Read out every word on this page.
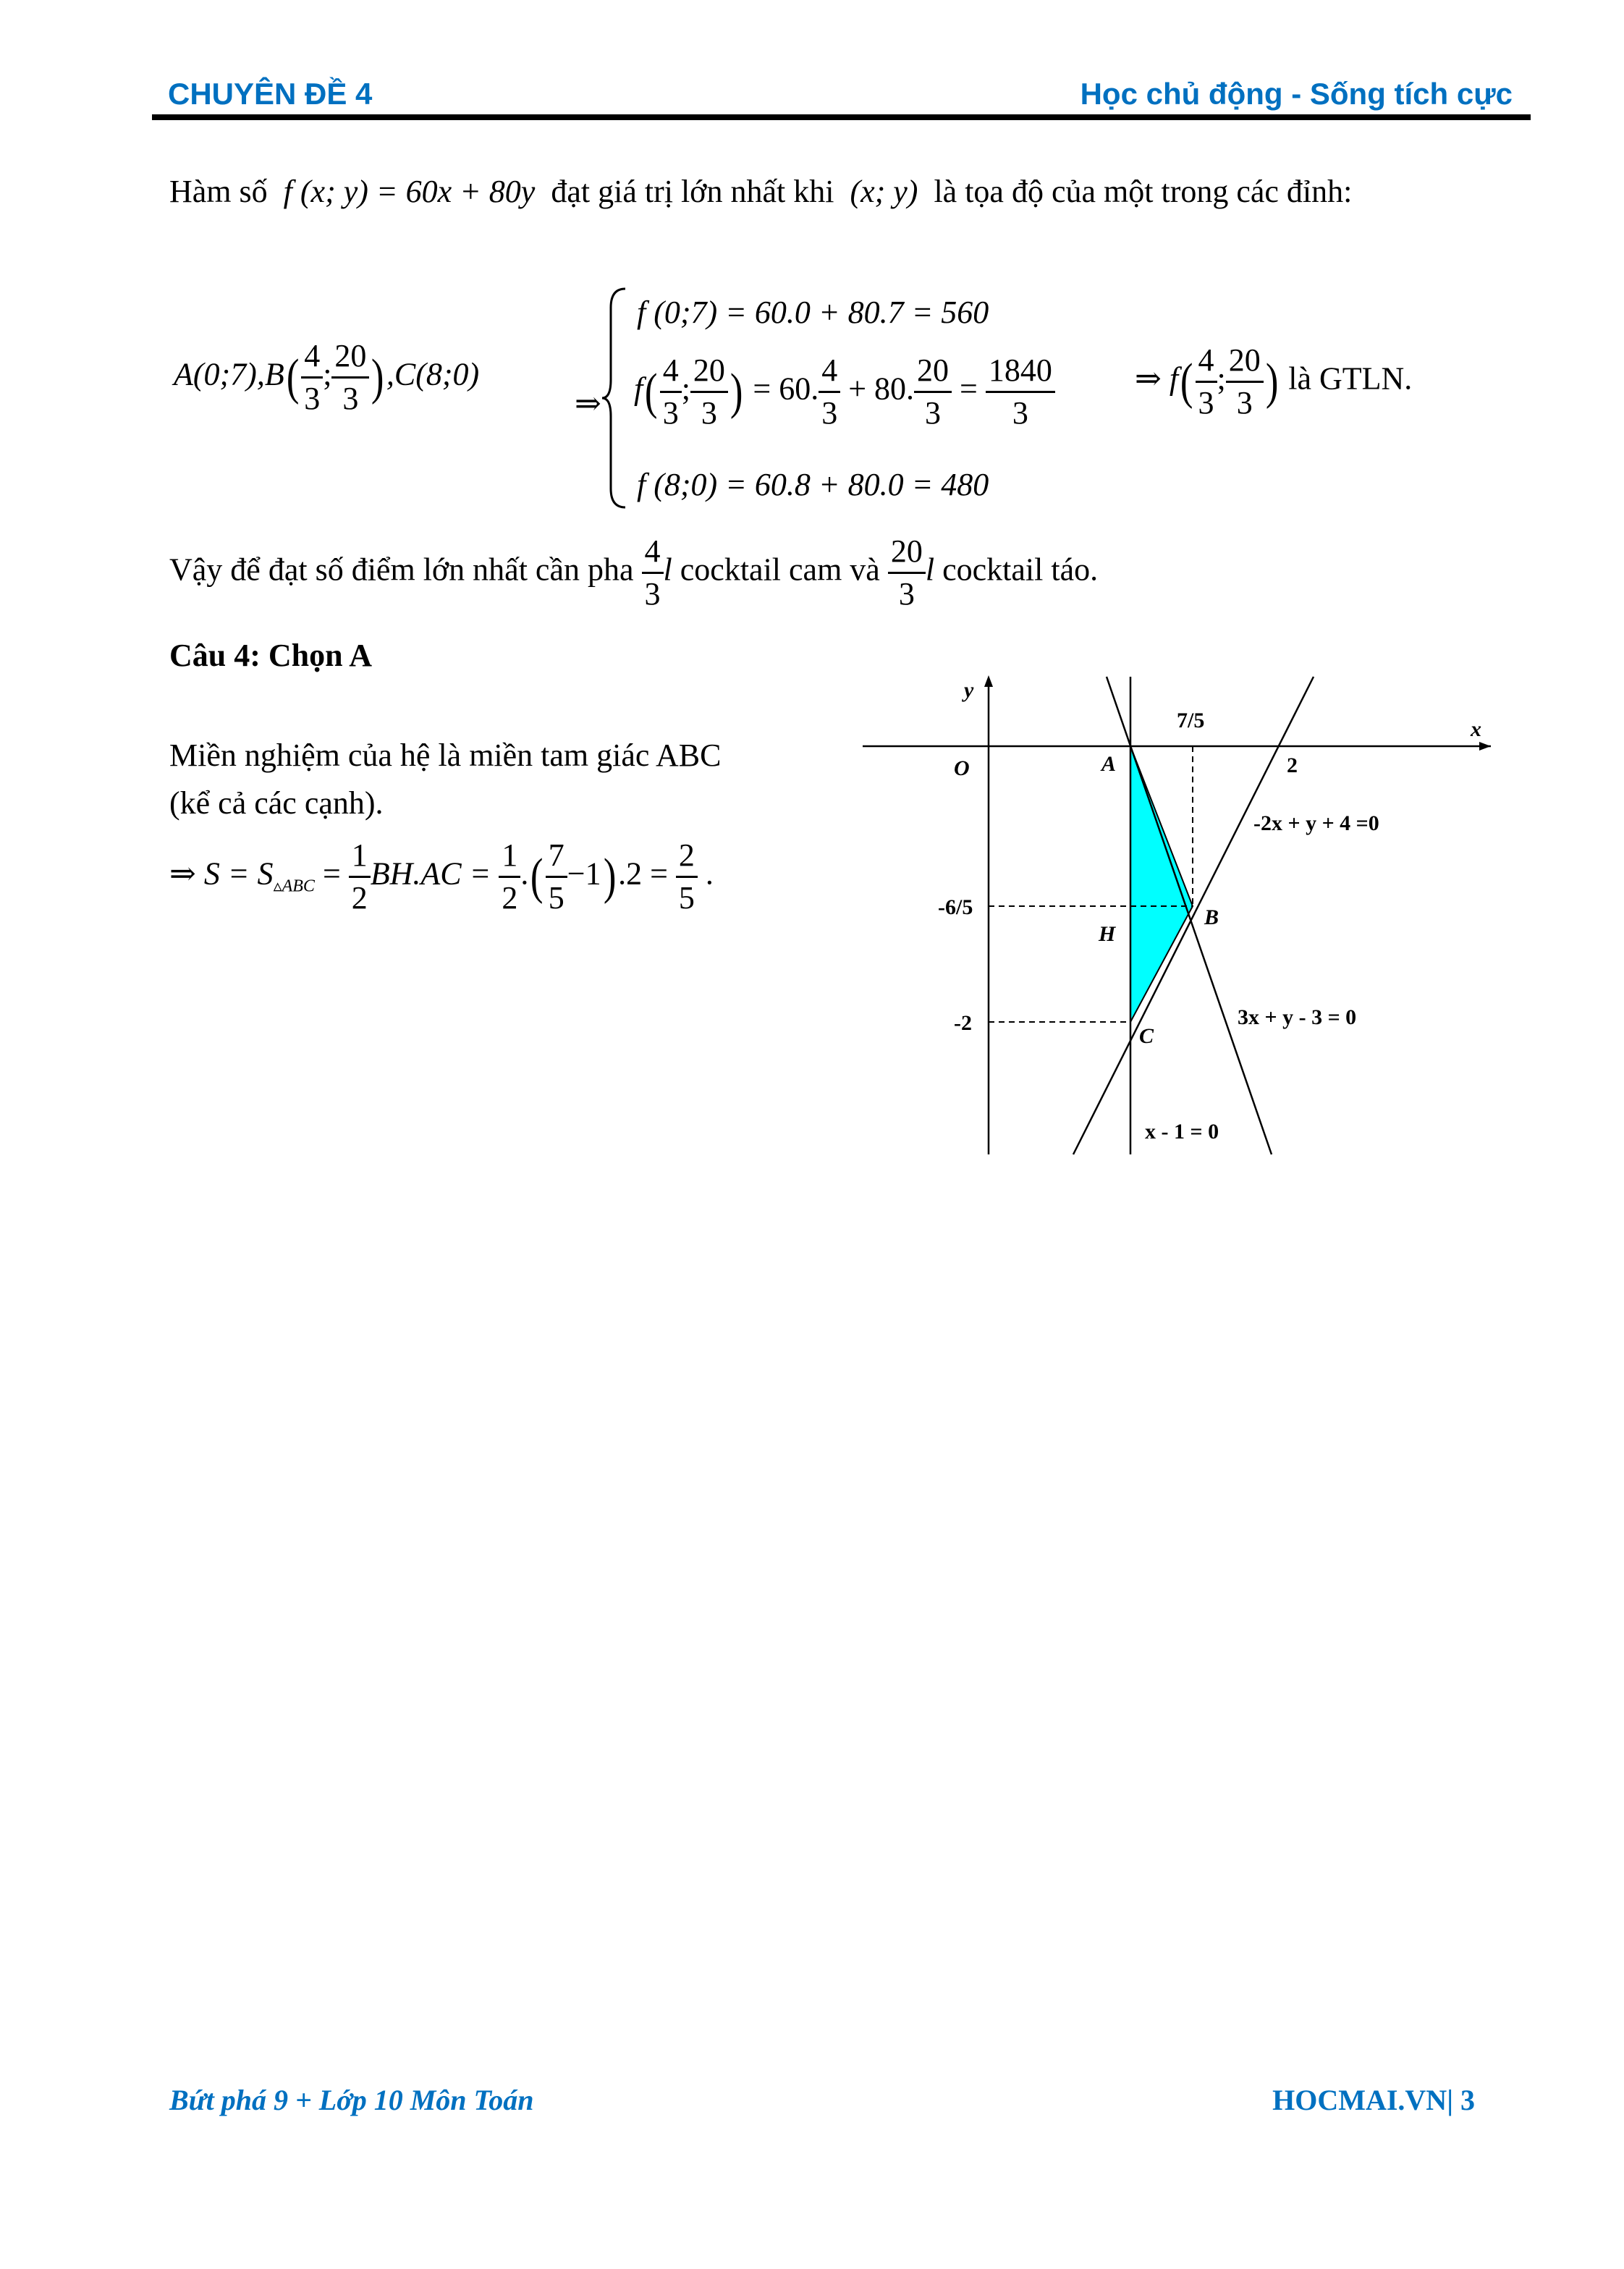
CHUYÊN ĐỀ 4	Học chủ động - Sống tích cực
Hàm số f (x; y) = 60x + 80y đạt giá trị lớn nhất khi (x; y) là tọa độ của một trong các đỉnh:
A(0;7),B( $\frac{4}{3}$ ; $\frac{20}{3}$ ),C(8;0)
⇒
f (0;7) = 60.0 + 80.7 = 560
$f( \frac{4}{3}$ ; $\frac{20}{3}$ ) = 60. $\frac{4}{3} + 80$. $\frac{20}{3} = \frac{1840}{3}$
f (8;0) = 60.8 + 80.0 = 480
⇒ $f( \frac{4}{3}$ ; $\frac{20}{3}$ ) là GTLN.
Vậy để đạt số điểm lớn nhất cần pha $\frac{4}{3}$ l cocktail cam và $\frac{20}{3}$ l cocktail táo.
Câu 4: Chọn A
Miền nghiệm của hệ là miền tam giác ABC
(kể cả các cạnh).
⇒ $S = S_{▵ABC} = \frac{1}{2} BH.AC = \frac{1}{2}$ .( $\frac{7}{5} -1).2 = \frac{2}{5}$ .
x
y
O
7/5
2
-6/5
-2
A
B
C
H
-2x + y + 4 =0
3x + y - 3 = 0
x - 1 = 0
Bứt phá 9 + Lớp 10 Môn Toán	HOCMAI.VN| 3
